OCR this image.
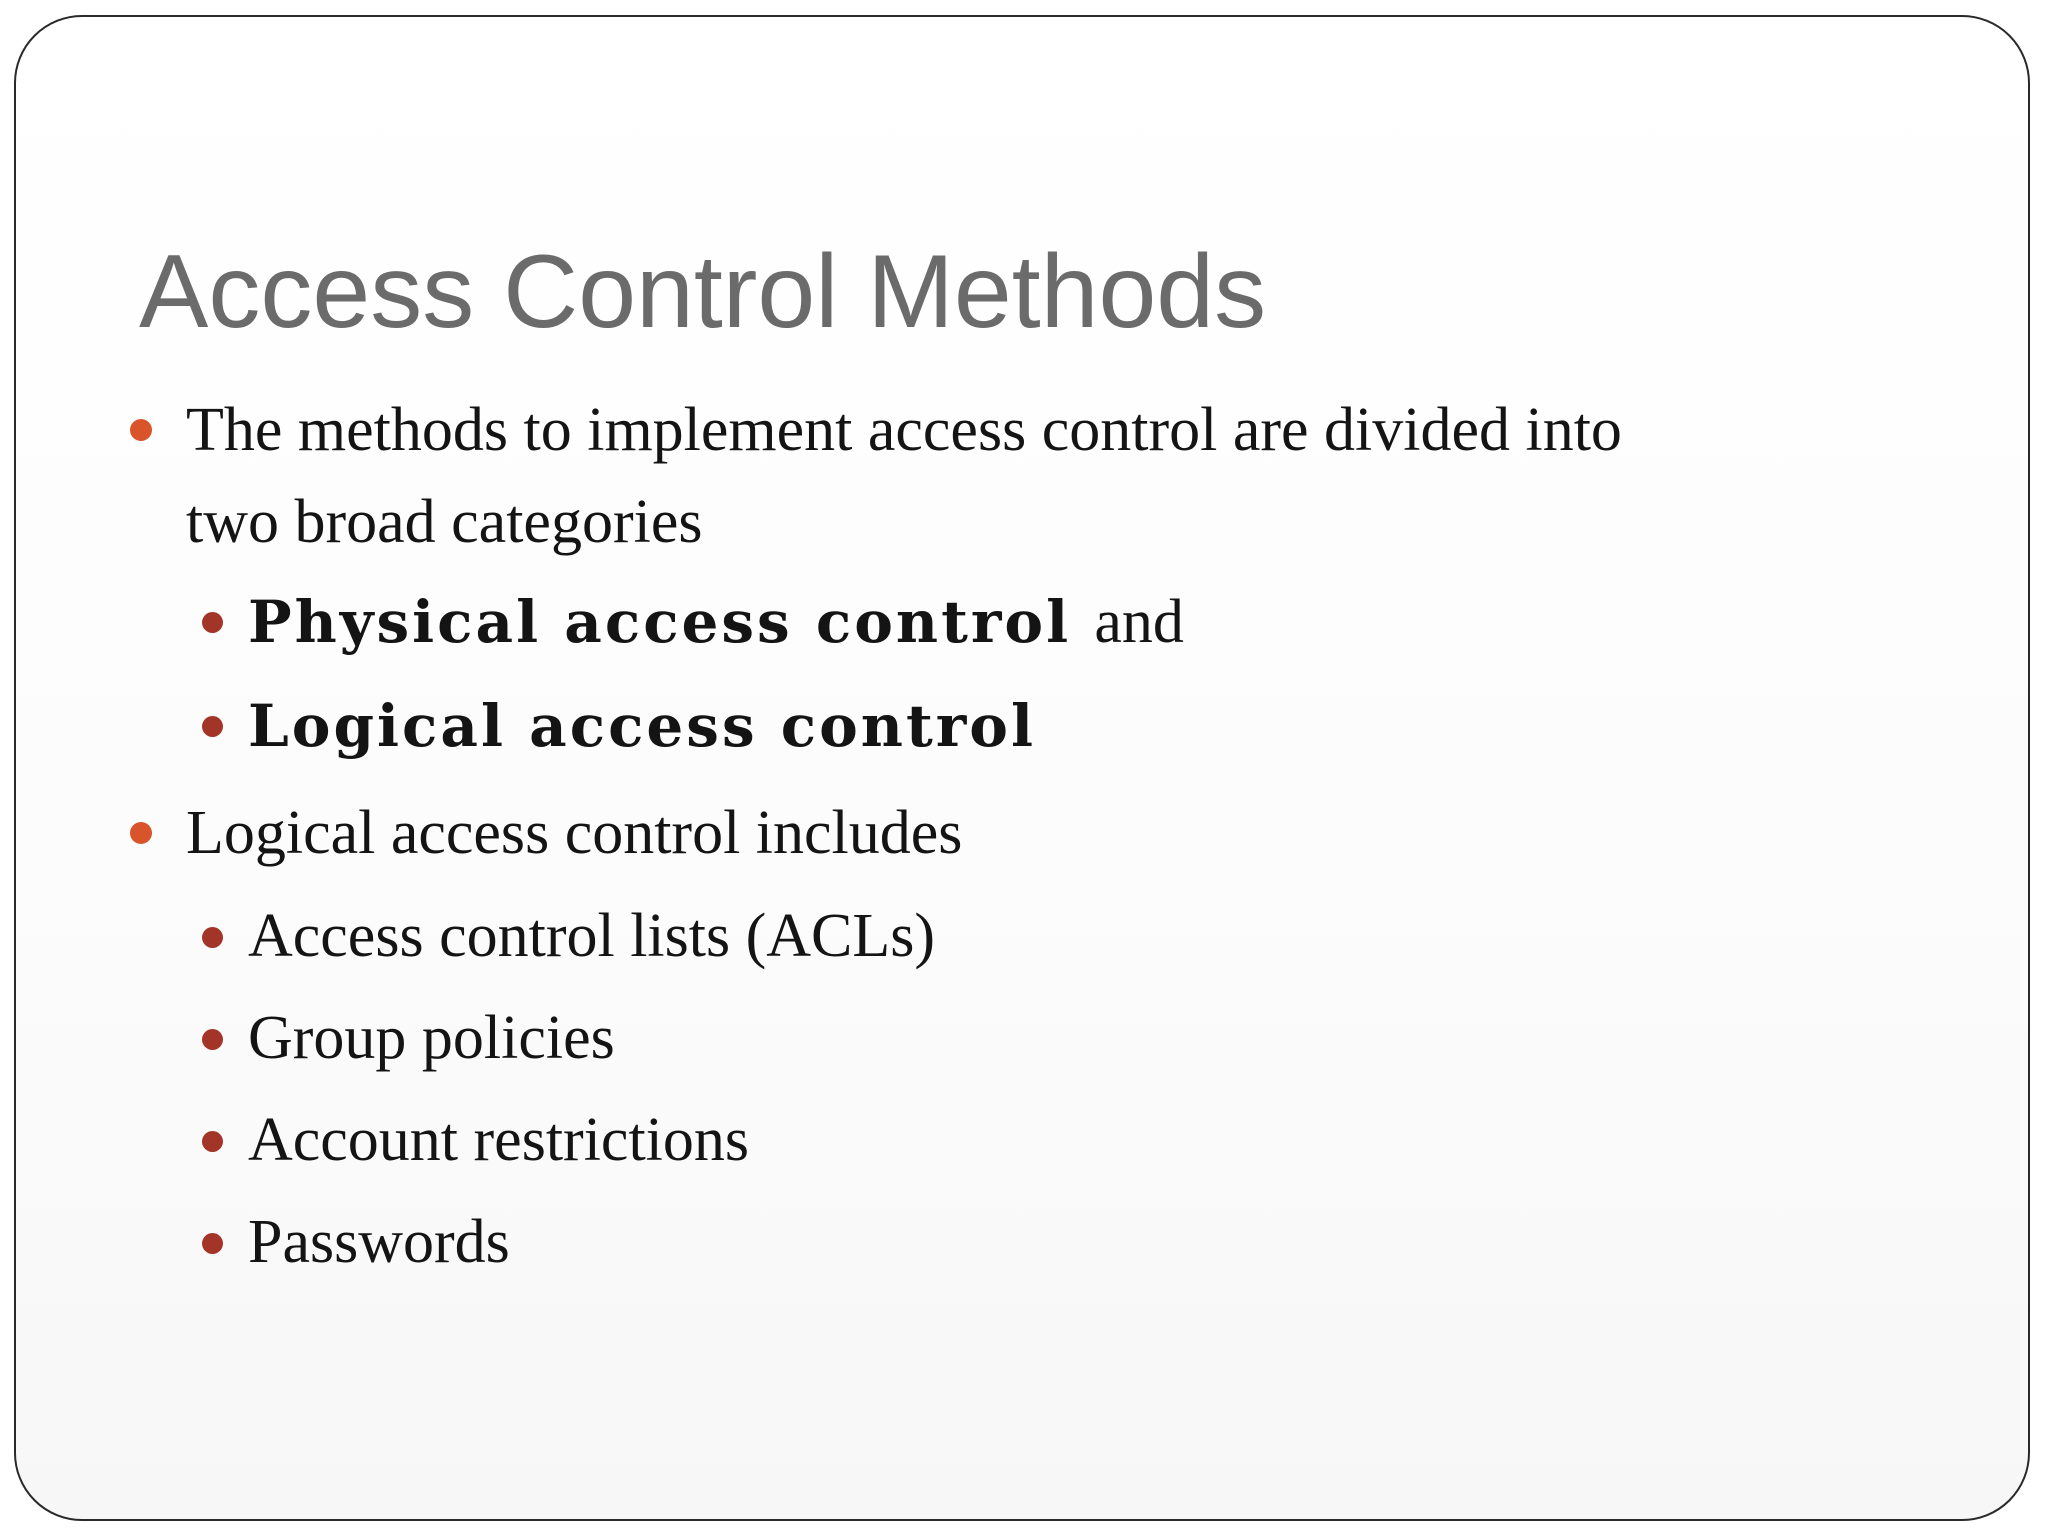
Access Control Methods
The methods to implement access control are divided into
two broad categories
Physical access control and
Logical access control
Logical access control includes
Access control lists (ACLs)
Group policies
Account restrictions
Passwords
